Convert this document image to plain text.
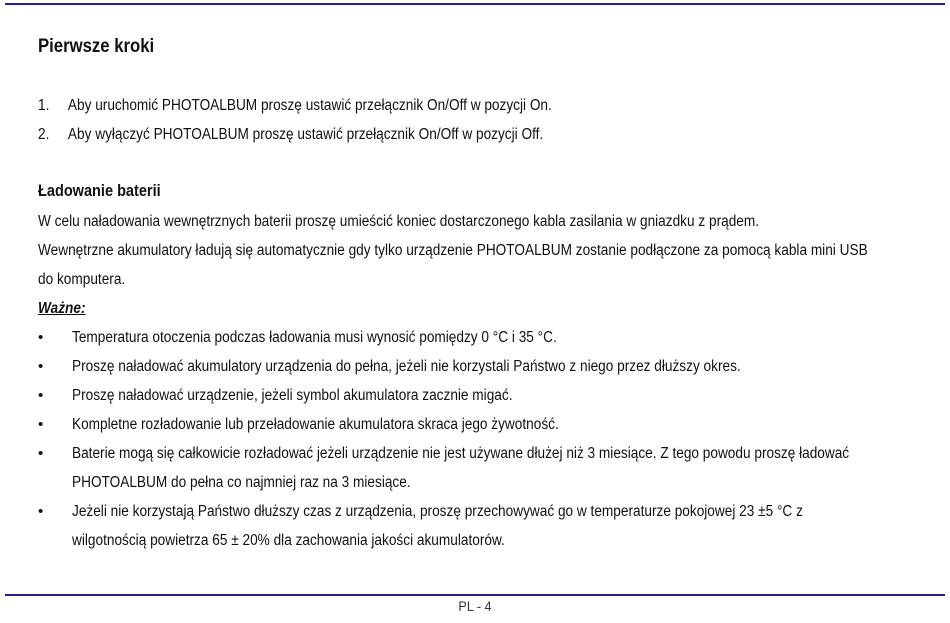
Pierwsze kroki
1. Aby uruchomić PHOTOALBUM proszę ustawić przełącznik On/Off w pozycji On.
2. Aby wyłączyć PHOTOALBUM proszę ustawić przełącznik On/Off w pozycji Off.
Ładowanie baterii
W celu naładowania wewnętrznych baterii proszę umieścić koniec dostarczonego kabla zasilania w gniazdku z prądem.
Wewnętrzne akumulatory ładują się automatycznie gdy tylko urządzenie PHOTOALBUM zostanie podłączone za pomocą kabla mini USB
do komputera.
Ważne:
• Temperatura otoczenia podczas ładowania musi wynosić pomiędzy 0 °C i 35 °C.
• Proszę naładować akumulatory urządzenia do pełna, jeżeli nie korzystali Państwo z niego przez dłuższy okres.
• Proszę naładować urządzenie, jeżeli symbol akumulatora zacznie migać.
• Kompletne rozładowanie lub przeładowanie akumulatora skraca jego żywotność.
• Baterie mogą się całkowicie rozładować jeżeli urządzenie nie jest używane dłużej niż 3 miesiące. Z tego powodu proszę ładować
PHOTOALBUM do pełna co najmniej raz na 3 miesiące.
• Jeżeli nie korzystają Państwo dłuższy czas z urządzenia, proszę przechowywać go w temperaturze pokojowej 23 ±5 °C z
wilgotnością powietrza 65 ± 20% dla zachowania jakości akumulatorów.
PL - 4
